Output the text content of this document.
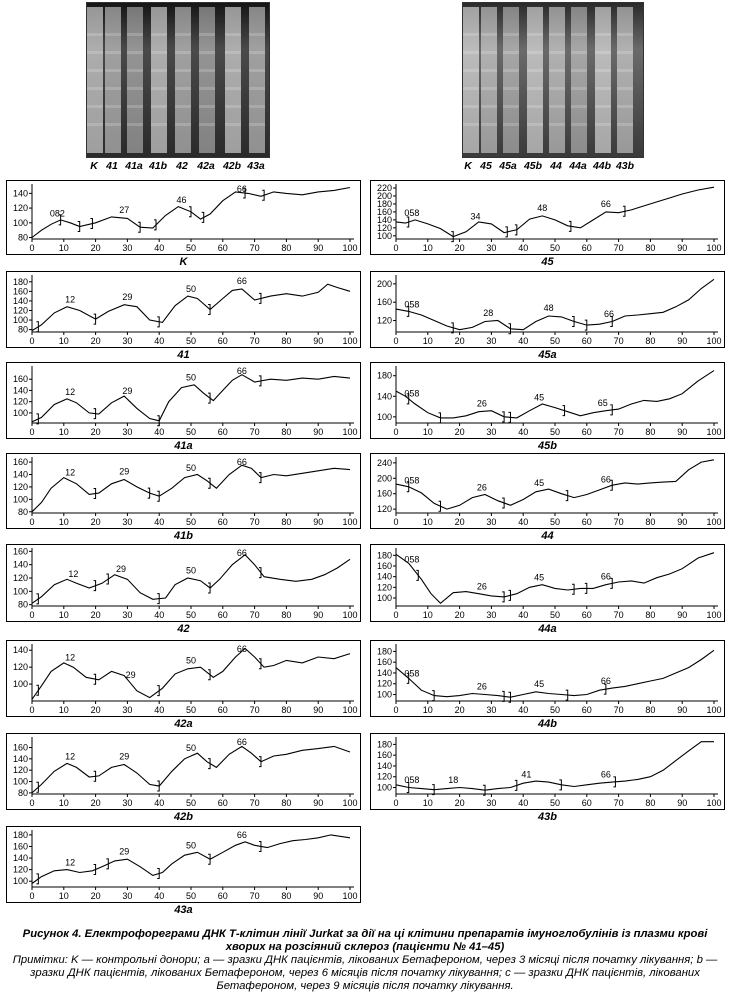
K 41 41a 41b 42 42a 42b 43a	K 45 45a 45b 44 44a 44b 43b
80
100
120
140
0	10 20 30 40 50 60 70 80 90 100
082	27
46
66
K
80
100
120
140
160
180
0	10 20 30 40 50 60 70 80 90 100
12	29
50
66
41
100
120
140
160
0	10 20 30 40 50 60 70 80 90 100
12	29
50
66
41a
80
100
120
140
160
0	10 20 30 40 50 60 70 80 90 100
12	29	50
66
41b
80
100
120
140
160
0	10 20 30 40 50 60 70 80 90 100
12	29	50
66
42
100
120
140
0	10 20 30 40 50 60 70 80 90 100
12
29
50
66
42a
80
100
120
140
160
0	10 20 30 40 50 60 70 80 90 100
12	29
50
66
42b
100
120
140
160
180
0	10 20 30 40 50 60 70 80 90 100
12
29
50
66
43a
100
120
140
160
180
200
220
0	10 20 30 40 50 60 70 80 90 100
058	34
48	66
45
120
160
200
0	10 20 30 40 50 60 70 80 90 100
058
28
48
66
45a
100
140
180
0	10 20 30 40 50 60 70 80 90 100
058
26
45
65
45b
120
160
200
240
0	10 20 30 40 50 60 70 80 90 100
058
26	45	66
44
100
120
140
160
180
0	10 20 30 40 50 60 70 80 90 100
058
26
45	66
44a
100
120
140
160
180
0	10 20 30 40 50 60 70 80 90 100
058
26	45	66
44b
100
120
140
160
180
0	10 20 30 40 50 60 70 80 90 100
058	18
41	66
43b
Рисунок 4. Електрофореграми ДНК Т-клітин лінії Jurkat за дії на ці клітини препаратів імуноглобулінів із плазми крові хворих на розсіяний склероз (пацієнти № 41–45)
Примітки: K — контрольні донори; а — зразки ДНК пацієнтів, лікованих Бетафероном, через 3 місяці після початку лікування; b — зразки ДНК пацієнтів, лікованих Бетафероном, через 6 місяців після початку лікування; c — зразки ДНК пацієнтів, лікованих Бетафероном, через 9 місяців після початку лікування.
